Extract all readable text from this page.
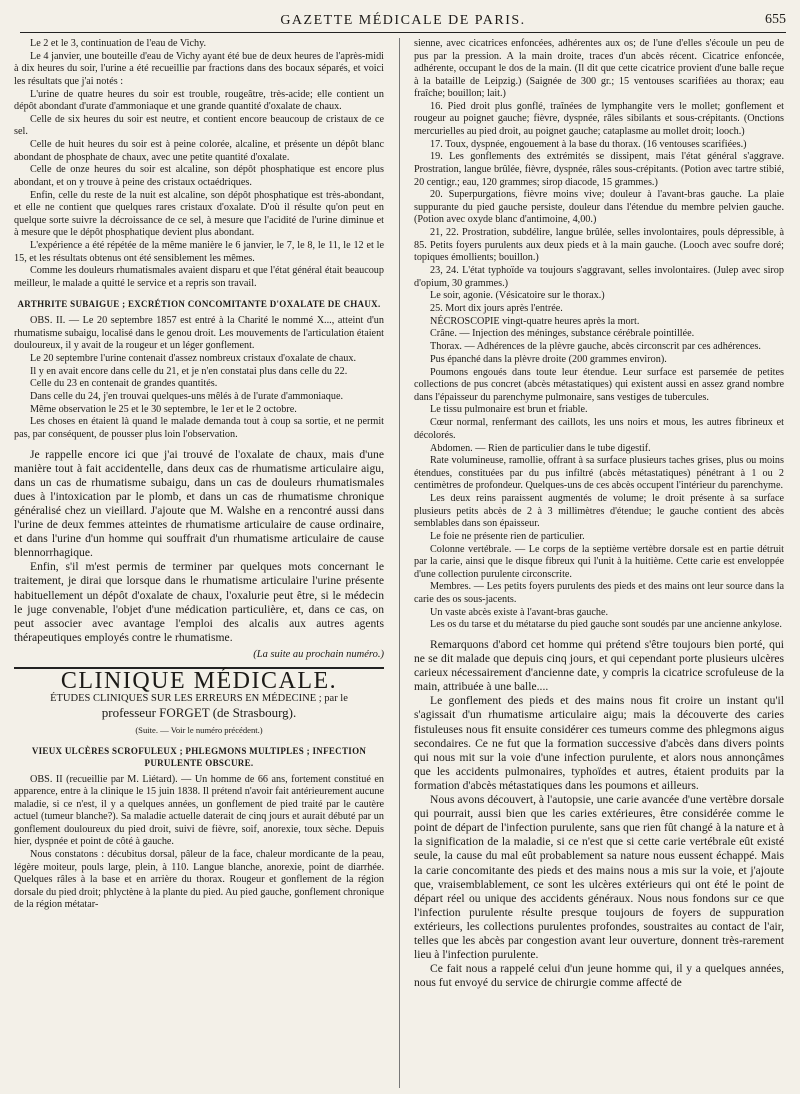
GAZETTE MÉDICALE DE PARIS.	655

Le 2 et le 3, continuation de l'eau de Vichy.

Le 4 janvier, une bouteille d'eau de Vichy ayant été bue de deux heures de l'après-midi à dix heures du soir, l'urine a été recueillie par fractions dans des bocaux séparés, et voici les résultats que j'ai notés :

L'urine de quatre heures du soir est trouble, rougeâtre, très-acide; elle contient un dépôt abondant d'urate d'ammoniaque et une grande quantité d'oxalate de chaux.

Celle de six heures du soir est neutre, et contient encore beaucoup de cristaux de ce sel.

Celle de huit heures du soir est à peine colorée, alcaline, et présente un dépôt blanc abondant de phosphate de chaux, avec une petite quantité d'oxalate.

Celle de onze heures du soir est alcaline, son dépôt phosphatique est encore plus abondant, et on y trouve à peine des cristaux octaédriques.

Enfin, celle du reste de la nuit est alcaline, son dépôt phosphatique est très-abondant, et elle ne contient que quelques rares cristaux d'oxalate. D'où il résulte qu'on peut en quelque sorte suivre la décroissance de ce sel, à mesure que l'acidité de l'urine diminue et à mesure que le dépôt phosphatique devient plus abondant.

L'expérience a été répétée de la même manière le 6 janvier, le 7, le 8, le 11, le 12 et le 15, et les résultats obtenus ont été sensiblement les mêmes.

Comme les douleurs rhumatismales avaient disparu et que l'état général était beaucoup meilleur, le malade a quitté le service et a repris son travail.

ARTHRITE SUBAIGUE ; EXCRÉTION CONCOMITANTE D'OXALATE DE CHAUX.

OBS. II. — Le 20 septembre 1857 est entré à la Charité le nommé X..., atteint d'un rhumatisme subaigu, localisé dans le genou droit. Les mouvements de l'articulation étaient douloureux, il y avait de la rougeur et un léger gonflement.

Le 20 septembre l'urine contenait d'assez nombreux cristaux d'oxalate de chaux.

Il y en avait encore dans celle du 21, et je n'en constatai plus dans celle du 22.

Celle du 23 en contenait de grandes quantités.

Dans celle du 24, j'en trouvai quelques-uns mêlés à de l'urate d'ammoniaque.

Même observation le 25 et le 30 septembre, le 1er et le 2 octobre.

Les choses en étaient là quand le malade demanda tout à coup sa sortie, et ne permit pas, par conséquent, de pousser plus loin l'observation.

Je rappelle encore ici que j'ai trouvé de l'oxalate de chaux, mais d'une manière tout à fait accidentelle, dans deux cas de rhumatisme articulaire aigu, dans un cas de rhumatisme subaigu, dans un cas de douleurs rhumatismales dues à l'intoxication par le plomb, et dans un cas de rhumatisme chronique généralisé chez un vieillard. J'ajoute que M. Walshe en a rencontré aussi dans l'urine de deux femmes atteintes de rhumatisme articulaire de cause ordinaire, et dans l'urine d'un homme qui souffrait d'un rhumatisme articulaire de cause blennorrhagique.

Enfin, s'il m'est permis de terminer par quelques mots concernant le traitement, je dirai que lorsque dans le rhumatisme articulaire l'urine présente habituellement un dépôt d'oxalate de chaux, l'oxalurie peut être, si le médecin le juge convenable, l'objet d'une médication particulière, et, dans ce cas, on peut associer avec avantage l'emploi des alcalis aux autres agents thérapeutiques employés contre le rhumatisme.

(La suite au prochain numéro.)
CLINIQUE MÉDICALE.
ÉTUDES CLINIQUES SUR LES ERREURS EN MÉDECINE ; par le
professeur FORGET (de Strasbourg).
(Suite. — Voir le numéro précédent.)
VIEUX ULCÈRES SCROFULEUX ; PHLEGMONS MULTIPLES ; INFECTION PURULENTE OBSCURE.

OBS. II (recueillie par M. Liétard). — Un homme de 66 ans, fortement constitué en apparence, entre à la clinique le 15 juin 1838. Il prétend n'avoir fait antérieurement aucune maladie, si ce n'est, il y a quelques années, un gonflement de pied traité par le cautère actuel (tumeur blanche?). Sa maladie actuelle daterait de cinq jours et aurait débuté par un gonflement douloureux du pied droit, suivi de fièvre, soif, anorexie, toux sèche. Depuis hier, dyspnée et point de côté à gauche.

Nous constatons : décubitus dorsal, pâleur de la face, chaleur mordicante de la peau, légère moiteur, pouls large, plein, à 110. Langue blanche, anorexie, point de diarrhée. Quelques râles à la base et en arrière du thorax. Rougeur et gonflement de la région dorsale du pied droit; phlyctène à la plante du pied. Au pied gauche, gonflement chronique de la région métatar-

sienne, avec cicatrices enfoncées, adhérentes aux os; de l'une d'elles s'écoule un peu de pus par la pression. A la main droite, traces d'un abcès récent. Cicatrice enfoncée, adhérente, occupant le dos de la main. (Il dit que cette cicatrice provient d'une balle reçue à la bataille de Leipzig.) (Saignée de 300 gr.; 15 ventouses scarifiées au thorax; eau fraîche; bouillon; lait.)

16. Pied droit plus gonflé, traînées de lymphangite vers le mollet; gonflement et rougeur au poignet gauche; fièvre, dyspnée, râles sibilants et sous-crépitants. (Onctions mercurielles au pied droit, au poignet gauche; cataplasme au mollet droit; looch.)

17. Toux, dyspnée, engouement à la base du thorax. (16 ventouses scarifiées.)

19. Les gonflements des extrémités se dissipent, mais l'état général s'aggrave. Prostration, langue brûlée, fièvre, dyspnée, râles sous-crépitants. (Potion avec tartre stibié, 20 centigr.; eau, 120 grammes; sirop diacode, 15 grammes.)

20. Superpurgations, fièvre moins vive; douleur à l'avant-bras gauche. La plaie suppurante du pied gauche persiste, douleur dans l'étendue du membre pelvien gauche. (Potion avec oxyde blanc d'antimoine, 4,00.)

21, 22. Prostration, subdélire, langue brûlée, selles involontaires, pouls dépressible, à 85. Petits foyers purulents aux deux pieds et à la main gauche. (Looch avec soufre doré; topiques émollients; bouillon.)

23, 24. L'état typhoïde va toujours s'aggravant, selles involontaires. (Julep avec sirop d'opium, 30 grammes.)

Le soir, agonie. (Vésicatoire sur le thorax.)

25. Mort dix jours après l'entrée.

NÉCROSCOPIE vingt-quatre heures après la mort.

Crâne. — Injection des méninges, substance cérébrale pointillée.

Thorax. — Adhérences de la plèvre gauche, abcès circonscrit par ces adhérences.

Pus épanché dans la plèvre droite (200 grammes environ).

Poumons engoués dans toute leur étendue. Leur surface est parsemée de petites collections de pus concret (abcès métastatiques) qui existent aussi en assez grand nombre dans l'épaisseur du parenchyme pulmonaire, sans vestiges de tubercules.

Le tissu pulmonaire est brun et friable.

Cœur normal, renfermant des caillots, les uns noirs et mous, les autres fibrineux et décolorés.

Abdomen. — Rien de particulier dans le tube digestif.

Rate volumineuse, ramollie, offrant à sa surface plusieurs taches grises, plus ou moins étendues, constituées par du pus infiltré (abcès métastatiques) pénétrant à 1 ou 2 centimètres de profondeur. Quelques-uns de ces abcès occupent l'intérieur du parenchyme.

Les deux reins paraissent augmentés de volume; le droit présente à sa surface plusieurs petits abcès de 2 à 3 millimètres d'étendue; le gauche contient des abcès semblables dans son épaisseur.

Le foie ne présente rien de particulier.

Colonne vertébrale. — Le corps de la septième vertèbre dorsale est en partie détruit par la carie, ainsi que le disque fibreux qui l'unit à la huitième. Cette carie est enveloppée d'une collection purulente circonscrite.

Membres. — Les petits foyers purulents des pieds et des mains ont leur source dans la carie des os sous-jacents.

Un vaste abcès existe à l'avant-bras gauche.

Les os du tarse et du métatarse du pied gauche sont soudés par une ancienne ankylose.

Remarquons d'abord cet homme qui prétend s'être toujours bien porté, qui ne se dit malade que depuis cinq jours, et qui cependant porte plusieurs ulcères carieux nécessairement d'ancienne date, y compris la cicatrice scrofuleuse de la main, attribuée à une balle....

Le gonflement des pieds et des mains nous fit croire un instant qu'il s'agissait d'un rhumatisme articulaire aigu; mais la découverte des caries fistuleuses nous fit ensuite considérer ces tumeurs comme des phlegmons aigus secondaires. Ce ne fut que la formation successive d'abcès dans divers points qui nous mit sur la voie d'une infection purulente, et alors nous annonçâmes que les accidents pulmonaires, typhoïdes et autres, étaient produits par la formation d'abcès métastatiques dans les poumons et ailleurs.

Nous avons découvert, à l'autopsie, une carie avancée d'une vertèbre dorsale qui pourrait, aussi bien que les caries extérieures, être considérée comme le point de départ de l'infection purulente, sans que rien fût changé à la nature et à la signification de la maladie, si ce n'est que si cette carie vertébrale eût existé seule, la cause du mal eût probablement sa nature nous eussent échappé. Mais la carie concomitante des pieds et des mains nous a mis sur la voie, et j'ajoute que, vraisemblablement, ce sont les ulcères extérieurs qui ont été le point de départ réel ou unique des accidents généraux. Nous nous fondons sur ce que l'infection purulente résulte presque toujours de foyers de suppuration extérieurs, les collections purulentes profondes, soustraites au contact de l'air, telles que les abcès par congestion avant leur ouverture, donnent très-rarement lieu à l'infection purulente.

Ce fait nous a rappelé celui d'un jeune homme qui, il y a quelques années, nous fut envoyé du service de chirurgie comme affecté de
